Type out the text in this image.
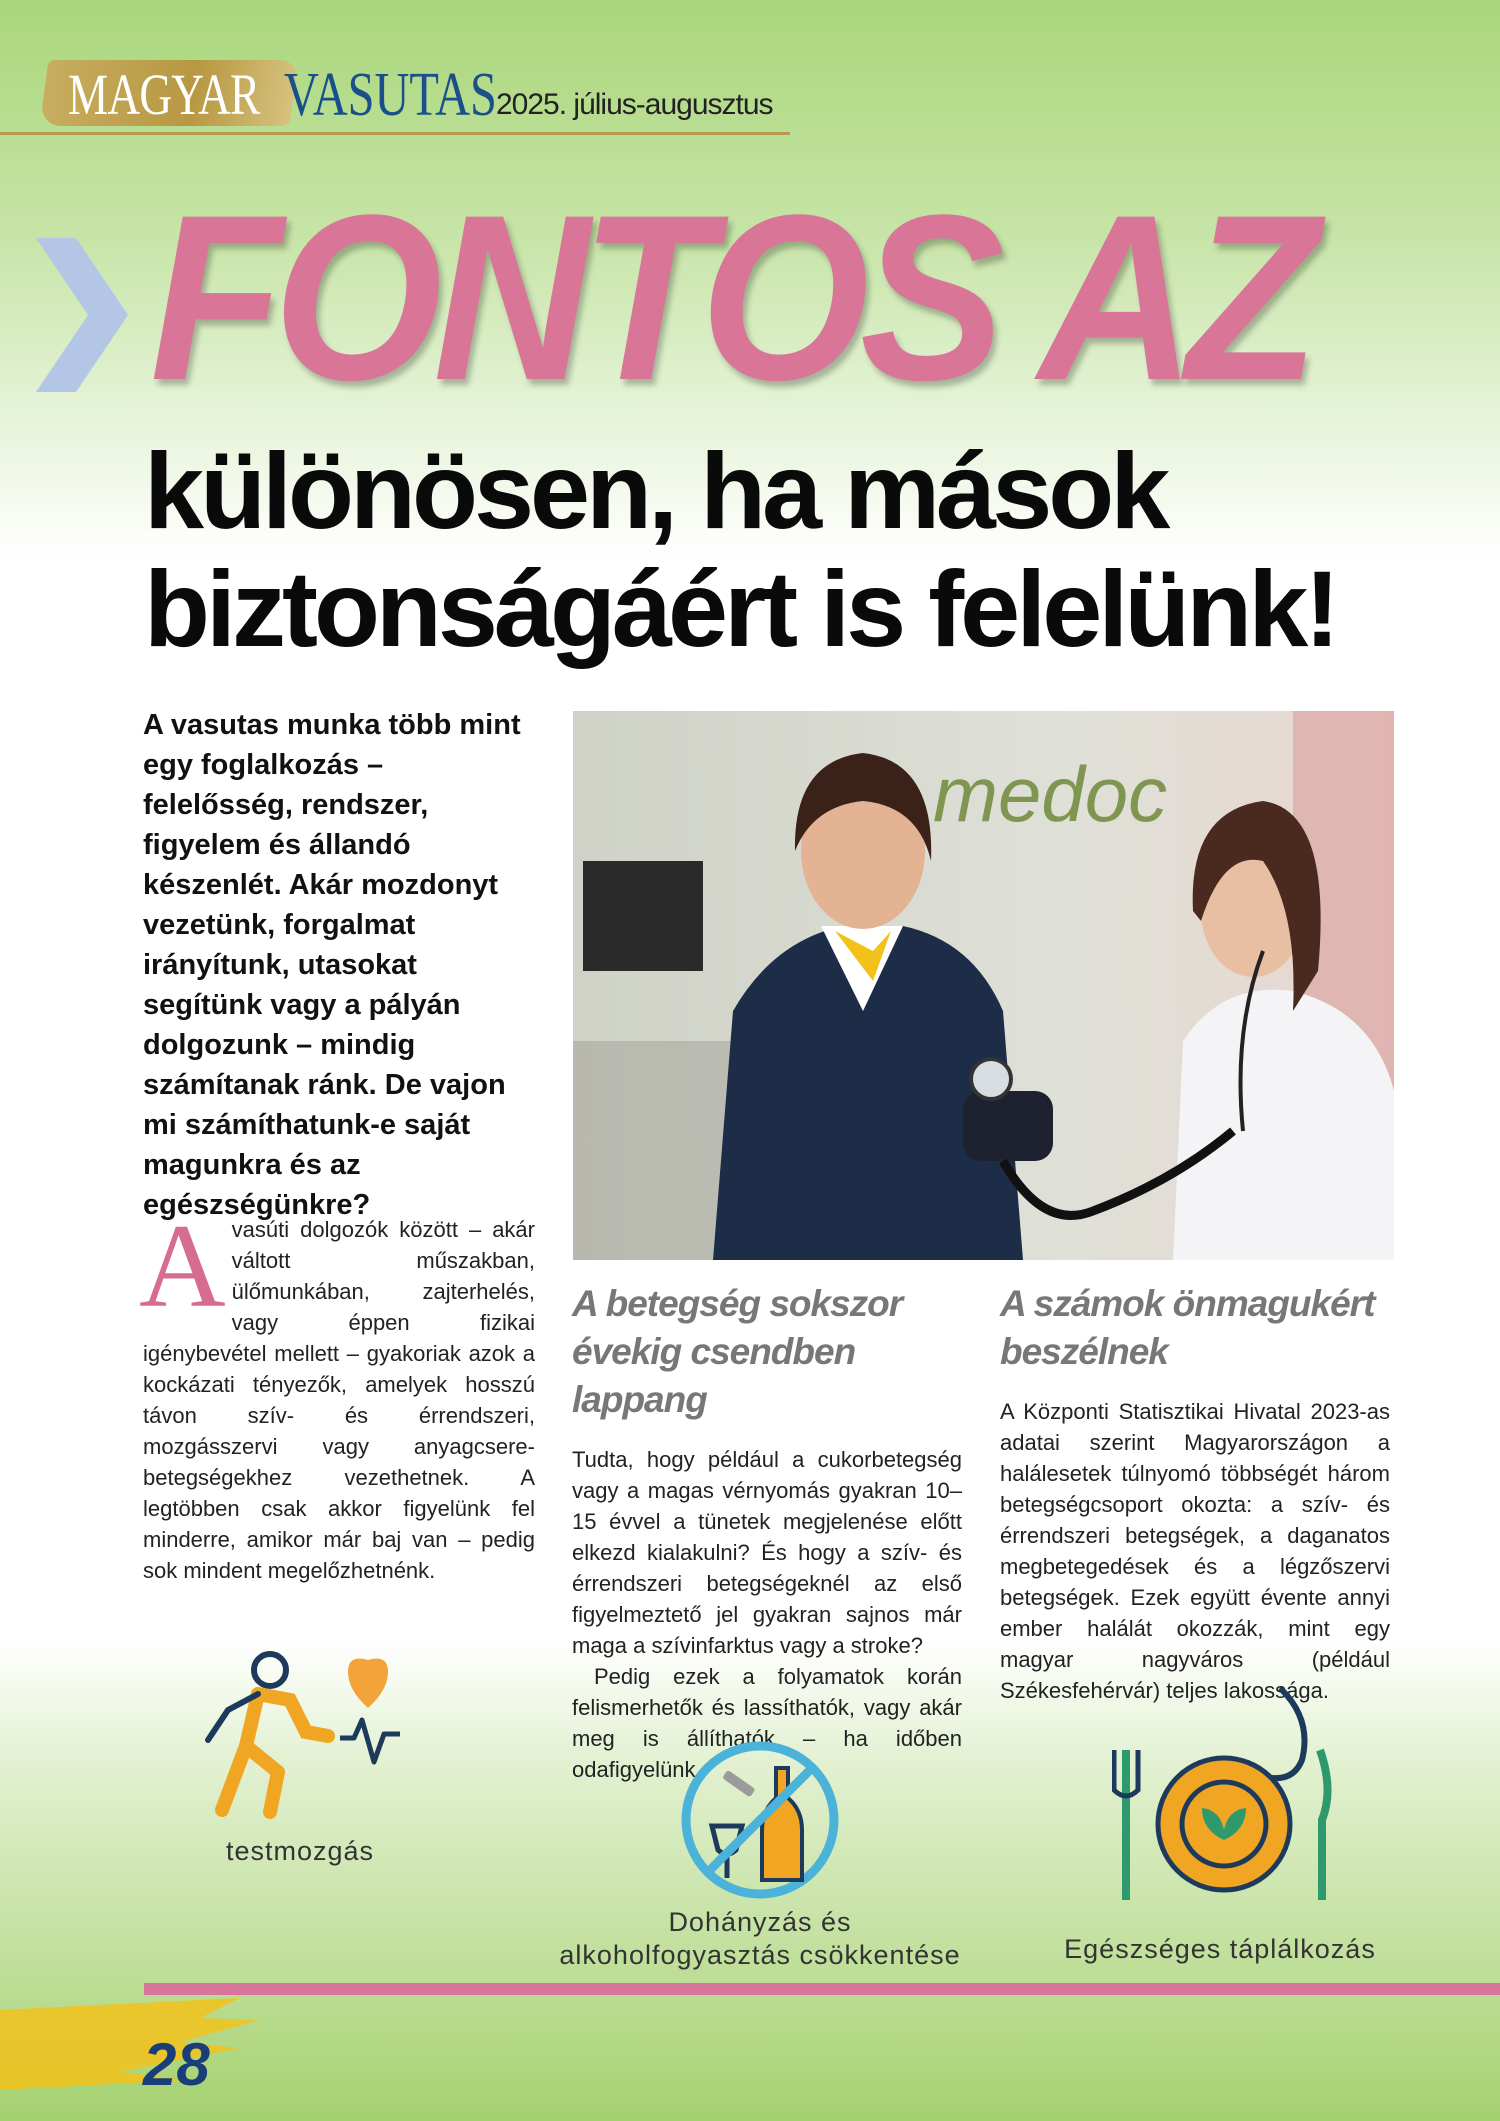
MAGYAR VASUTAS 2025. július-augusztus
FONTOS AZ
különösen, ha mások
biztonságáért is felelünk!
A vasutas munka több mint egy foglalkozás – felelősség, rendszer, figyelem és állandó készenlét. Akár mozdonyt vezetünk, forgalmat irányítunk, utasokat segítünk vagy a pályán dolgozunk – mindig számítanak ránk. De vajon mi számíthatunk-e saját magunkra és az egészségünkre?
Avasúti dolgozók között – akár váltott műszakban, ülőmunkában, zajterhelés, vagy éppen fizikai igénybevétel mellett – gyakoriak azok a kockázati tényezők, amelyek hosszú távon szív- és érrendszeri, mozgásszervi vagy anyagcsere-betegségekhez vezethetnek. A legtöbben csak akkor figyelünk fel minderre, amikor már baj van – pedig sok mindent megelőzhetnénk.
medoc
A betegség sokszor évekig csendben lappang

Tudta, hogy például a cukorbetegség vagy a magas vérnyomás gyakran 10–15 évvel a tünetek megjelenése előtt elkezd kialakulni? És hogy a szív- és érrendszeri betegségeknél az első figyelmeztető jel gyakran sajnos már maga a szívinfarktus vagy a stroke?

Pedig ezek a folyamatok korán felismerhetők és lassíthatók, vagy akár meg is állíthatók – ha időben odafigyelünk.

A számok önmagukért beszélnek

A Központi Statisztikai Hivatal 2023-as adatai szerint Magyarországon a halálesetek túlnyomó többségét három betegségcsoport okozta: a szív- és érrendszeri betegségek, a daganatos megbetegedések és a légzőszervi betegségek. Ezek együtt évente annyi ember halálát okozzák, mint egy magyar nagyváros (például Székesfehérvár) teljes lakossága.

testmozgás
Dohányzás és
alkoholfogyasztás csökkentése	Egészséges táplálkozás
28
